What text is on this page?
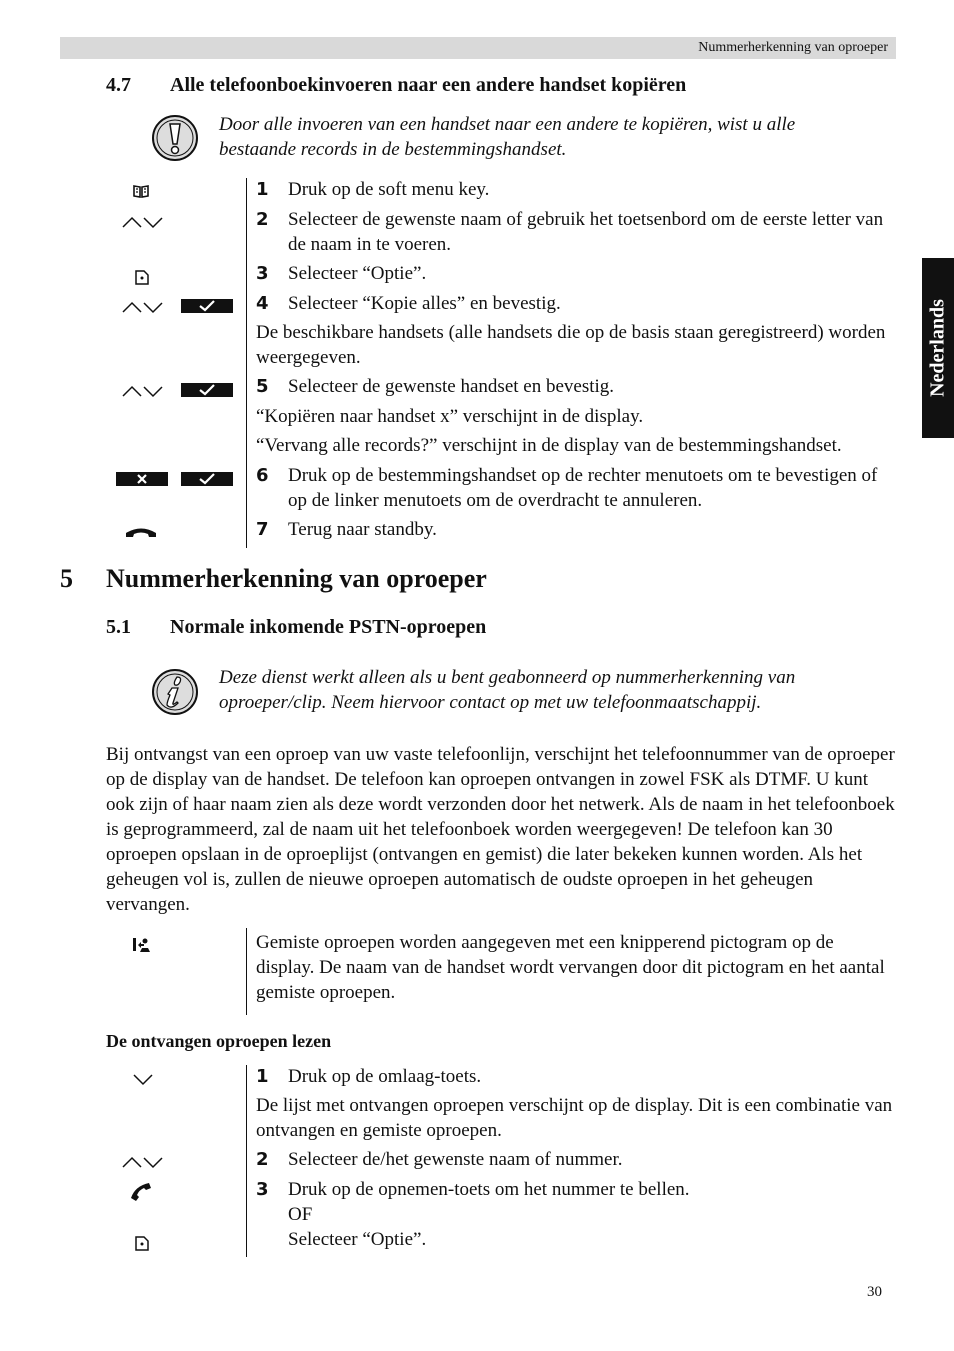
Nummerherkenning van oproeper
Nederlands
4.7 Alle telefoonboekinvoeren naar een andere handset kopiëren
Door alle invoeren van een handset naar een andere te kopiëren, wist u alle bestaande records in de bestemmingshandset.
1 Druk op de soft menu key.
2 Selecteer de gewenste naam of gebruik het toetsenbord om de eerste letter van de naam in te voeren.
3 Selecteer “Optie”.
4 Selecteer “Kopie alles” en bevestig.
De beschikbare handsets (alle handsets die op de basis staan geregistreerd) worden weergegeven.
5 Selecteer de gewenste handset en bevestig.
“Kopiëren naar handset x” verschijnt in de display.
“Vervang alle records?” verschijnt in de display van de bestemmingshandset.
6 Druk op de bestemmingshandset op de rechter menutoets om te bevestigen of op de linker menutoets om de overdracht te annuleren.
7 Terug naar standby.
5 Nummerherkenning van oproeper
5.1 Normale inkomende PSTN-oproepen
Deze dienst werkt alleen als u bent geabonneerd op nummerherkenning van oproeper/clip. Neem hiervoor contact op met uw telefoonmaatschappij.
Bij ontvangst van een oproep van uw vaste telefoonlijn, verschijnt het telefoonnummer van de oproeper op de display van de handset. De telefoon kan oproepen ontvangen in zowel FSK als DTMF. U kunt ook zijn of haar naam zien als deze wordt verzonden door het netwerk. Als de naam in het telefoonboek is geprogrammeerd, zal de naam uit het telefoonboek worden weergegeven! De telefoon kan 30 oproepen opslaan in de oproeplijst (ontvangen en gemist) die later bekeken kunnen worden. Als het geheugen vol is, zullen de nieuwe oproepen automatisch de oudste oproepen in het geheugen vervangen.
Gemiste oproepen worden aangegeven met een knipperend pictogram op de display. De naam van de handset wordt vervangen door dit pictogram en het aantal gemiste oproepen.
De ontvangen oproepen lezen
1 Druk op de omlaag-toets.
De lijst met ontvangen oproepen verschijnt op de display. Dit is een combinatie van ontvangen en gemiste oproepen.
2 Selecteer de/het gewenste naam of nummer.
3 Druk op de opnemen-toets om het nummer te bellen.
OF
Selecteer “Optie”.
30
